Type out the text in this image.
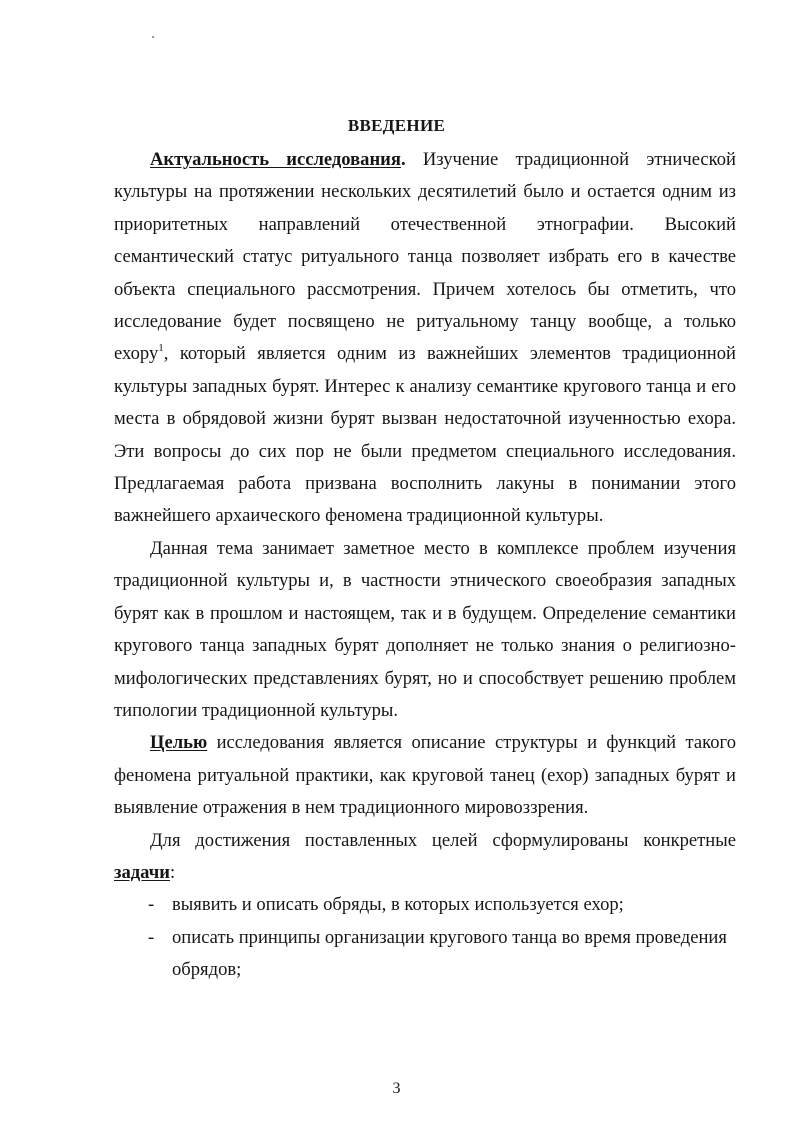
ВВЕДЕНИЕ

Актуальность исследования. Изучение традиционной этнической культуры на протяжении нескольких десятилетий было и остается одним из приоритетных направлений отечественной этнографии. Высокий семантический статус ритуального танца позволяет избрать его в качестве объекта специального рассмотрения. Причем хотелось бы отметить, что исследование будет посвящено не ритуальному танцу вообще, а только ехору$^1$, который является одним из важнейших элементов традиционной культуры западных бурят. Интерес к анализу семантике кругового танца и его места в обрядовой жизни бурят вызван недостаточной изученностью ехора. Эти вопросы до сих пор не были предметом специального исследования. Предлагаемая работа призвана восполнить лакуны в понимании этого важнейшего архаического феномена традиционной культуры.

Данная тема занимает заметное место в комплексе проблем изучения традиционной культуры и, в частности этнического своеобразия западных бурят как в прошлом и настоящем, так и в будущем. Определение семантики кругового танца западных бурят дополняет не только знания о религиозно-мифологических представлениях бурят, но и способствует решению проблем типологии традиционной культуры.

Целью исследования является описание структуры и функций такого феномена ритуальной практики, как круговой танец (ехор) западных бурят и выявление отражения в нем традиционного мировоззрения.

Для достижения поставленных целей сформулированы конкретные задачи:

- выявить и описать обряды, в которых используется ехор;
- описать принципы организации кругового танца во время проведения обрядов;
3
